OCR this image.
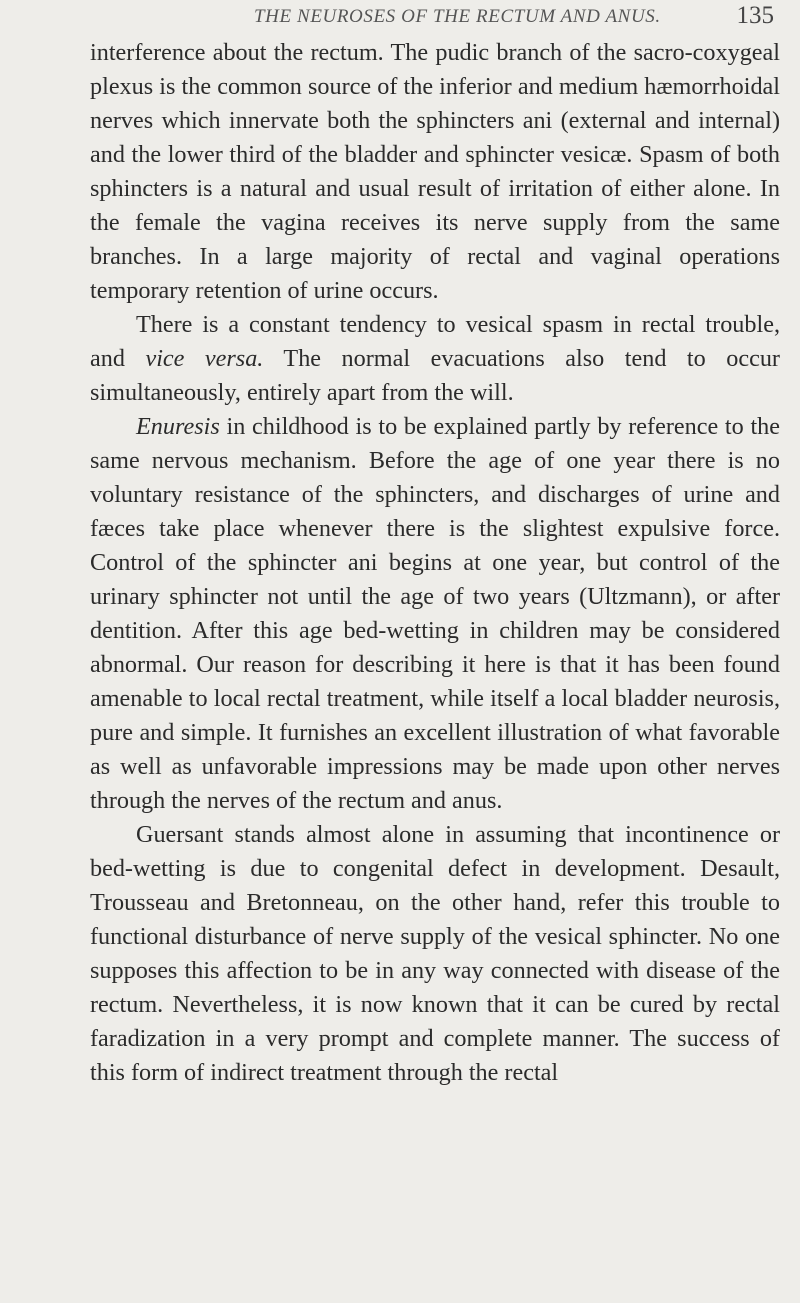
THE NEUROSES OF THE RECTUM AND ANUS.	135

interference about the rectum. The pudic branch of the sacro-coxygeal plexus is the common source of the inferior and medium hæmorrhoidal nerves which innervate both the sphincters ani (external and internal) and the lower third of the bladder and sphincter vesicæ. Spasm of both sphincters is a natural and usual result of irritation of either alone. In the female the vagina receives its nerve supply from the same branches. In a large majority of rectal and vaginal operations temporary retention of urine occurs.

There is a constant tendency to vesical spasm in rectal trouble, and vice versa. The normal evacuations also tend to occur simultaneously, entirely apart from the will.

Enuresis in childhood is to be explained partly by reference to the same nervous mechanism. Before the age of one year there is no voluntary resistance of the sphincters, and discharges of urine and fæces take place whenever there is the slightest expulsive force. Control of the sphincter ani begins at one year, but control of the urinary sphincter not until the age of two years (Ultzmann), or after dentition. After this age bed-wetting in children may be considered abnormal. Our reason for describing it here is that it has been found amenable to local rectal treatment, while itself a local bladder neurosis, pure and simple. It furnishes an excellent illustration of what favorable as well as unfavorable impressions may be made upon other nerves through the nerves of the rectum and anus.

Guersant stands almost alone in assuming that incontinence or bed-wetting is due to congenital defect in development. Desault, Trousseau and Bretonneau, on the other hand, refer this trouble to functional disturbance of nerve supply of the vesical sphincter. No one supposes this affection to be in any way connected with disease of the rectum. Nevertheless, it is now known that it can be cured by rectal faradization in a very prompt and complete manner. The success of this form of indirect treatment through the rectal
